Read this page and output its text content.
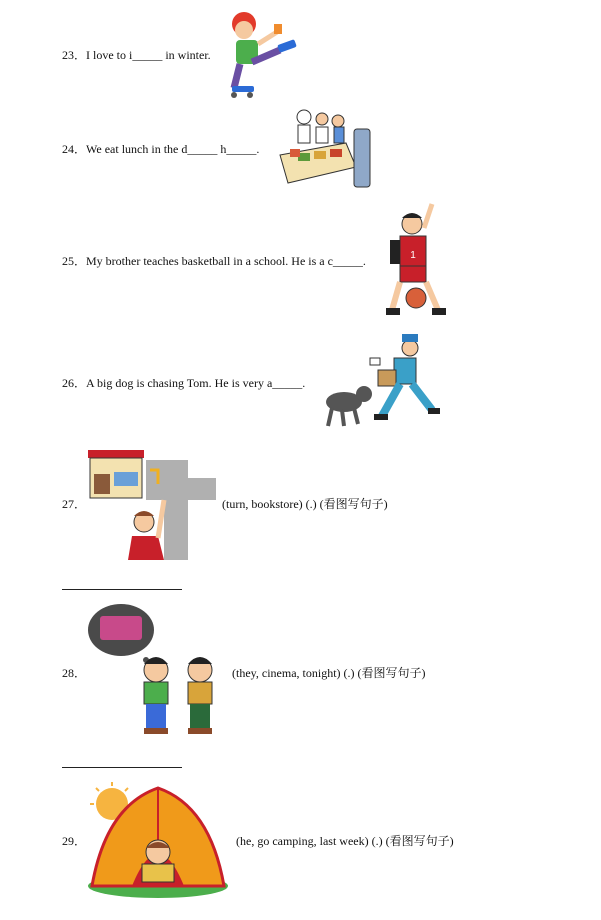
23．I love to i_____ in winter.
24．We eat lunch in the d_____ h_____.
25．My brother teaches basketball in a school. He is a c_____.	1
26．A big dog is chasing Tom. He is very a_____.
27．	(turn, bookstore) (.) (看图写句子)
28．	(they, cinema, tonight) (.) (看图写句子)
29．	(he, go camping, last week) (.) (看图写句子)
